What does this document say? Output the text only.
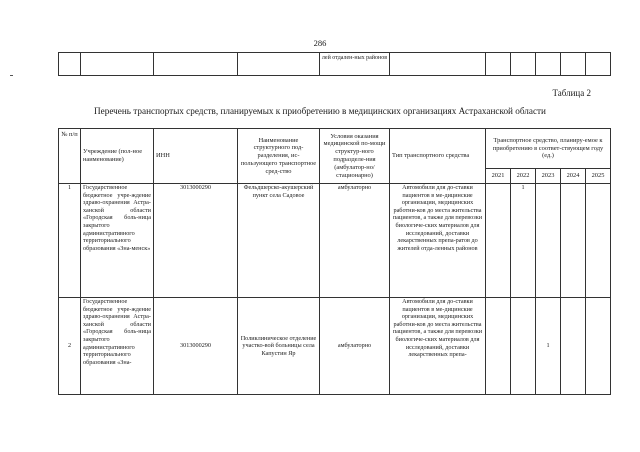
286
				лей отдален-ных районов						
Таблица 2
Перечень транспортых средств, планируемых к приобретению в медицинских организациях Астраханской области
№ п/п	Учреждение (пол-ное наименование)	ИНН	Наименование структурного под-разделения, ис-пользующего транспортное сред-ство	Условия оказания медицинской по-мощи структур-ного подразделе-ния (амбулатор-но/стационарно)	Тип транспортного средства	Транспортное средство, планиру-емое к приобретению в соответ-ствующем году (ед.)				
						2021	2022	2023	2024	2025

1	Государственное бюджетное учре-ждение здраво-охранения Астра-ханской области «Городская боль-ница закрытого административного территориального образования «Зна-менск»	3013000290	Фельдшерско-акушерский пункт села Садовое	амбулаторно	Автомобили для до-ставки пациентов в ме-дицинские организации, медицинских работни-ков до места жительства пациентов, а также для перевозки биологиче-ских материалов для исследований, доставки лекарственных препа-ратов до жителей отда-ленных районов		1			

2	Государственное бюджетное учре-ждение здраво-охранения Астра-ханской области «Городская боль-ница закрытого административного территориального образования «Зна-	3013000290	Поликлиническое отделение участко-вой больницы села Капустин Яр	амбулаторно	Автомобили для до-ставки пациентов в ме-дицинские организации, медицинских работни-ков до места жительства пациентов, а также для перевозки биологиче-ских материалов для исследований, доставки лекарственных препа-			1		
